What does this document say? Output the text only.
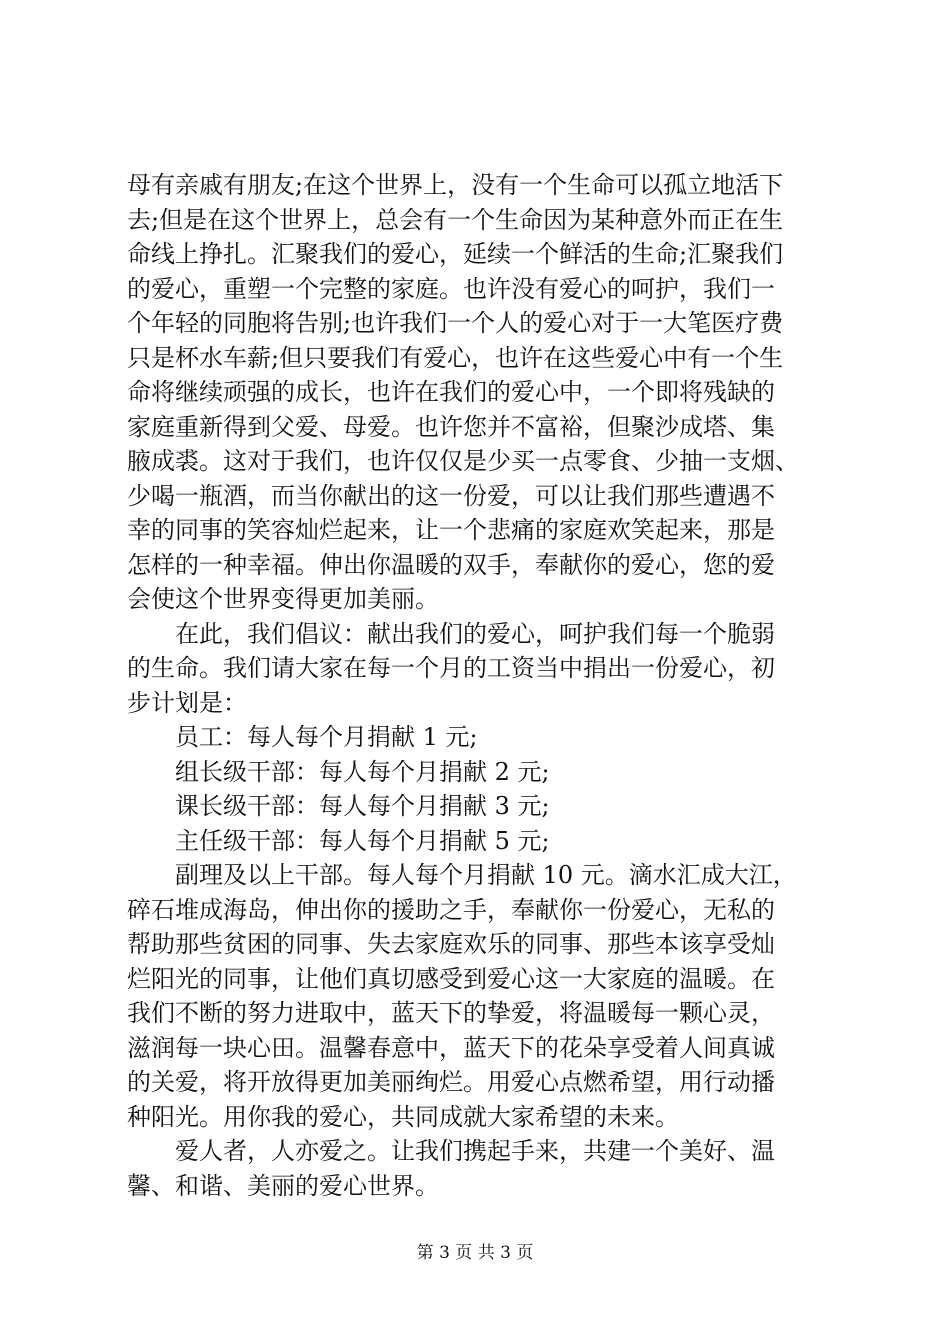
母有亲戚有朋友;在这个世界上，没有一个生命可以孤立地活下
去;但是在这个世界上，总会有一个生命因为某种意外而正在生
命线上挣扎。汇聚我们的爱心，延续一个鲜活的生命;汇聚我们
的爱心，重塑一个完整的家庭。也许没有爱心的呵护，我们一
个年轻的同胞将告别;也许我们一个人的爱心对于一大笔医疗费
只是杯水车薪;但只要我们有爱心，也许在这些爱心中有一个生
命将继续顽强的成长，也许在我们的爱心中，一个即将残缺的
家庭重新得到父爱、母爱。也许您并不富裕，但聚沙成塔、集
腋成裘。这对于我们，也许仅仅是少买一点零食、少抽一支烟、
少喝一瓶酒，而当你献出的这一份爱，可以让我们那些遭遇不
幸的同事的笑容灿烂起来，让一个悲痛的家庭欢笑起来，那是
怎样的一种幸福。伸出你温暖的双手，奉献你的爱心，您的爱
会使这个世界变得更加美丽。
在此，我们倡议：献出我们的爱心，呵护我们每一个脆弱
的生命。我们请大家在每一个月的工资当中捐出一份爱心，初
步计划是：
员工：每人每个月捐献 1 元;
组长级干部：每人每个月捐献 2 元;
课长级干部：每人每个月捐献 3 元;
主任级干部：每人每个月捐献 5 元;
副理及以上干部。每人每个月捐献 10 元。滴水汇成大江，
碎石堆成海岛，伸出你的援助之手，奉献你一份爱心，无私的
帮助那些贫困的同事、失去家庭欢乐的同事、那些本该享受灿
烂阳光的同事，让他们真切感受到爱心这一大家庭的温暖。在
我们不断的努力进取中，蓝天下的挚爱，将温暖每一颗心灵，
滋润每一块心田。温馨春意中，蓝天下的花朵享受着人间真诚
的关爱，将开放得更加美丽绚烂。用爱心点燃希望，用行动播
种阳光。用你我的爱心，共同成就大家希望的未来。
爱人者，人亦爱之。让我们携起手来，共建一个美好、温
馨、和谐、美丽的爱心世界。
第 3 页 共 3 页
